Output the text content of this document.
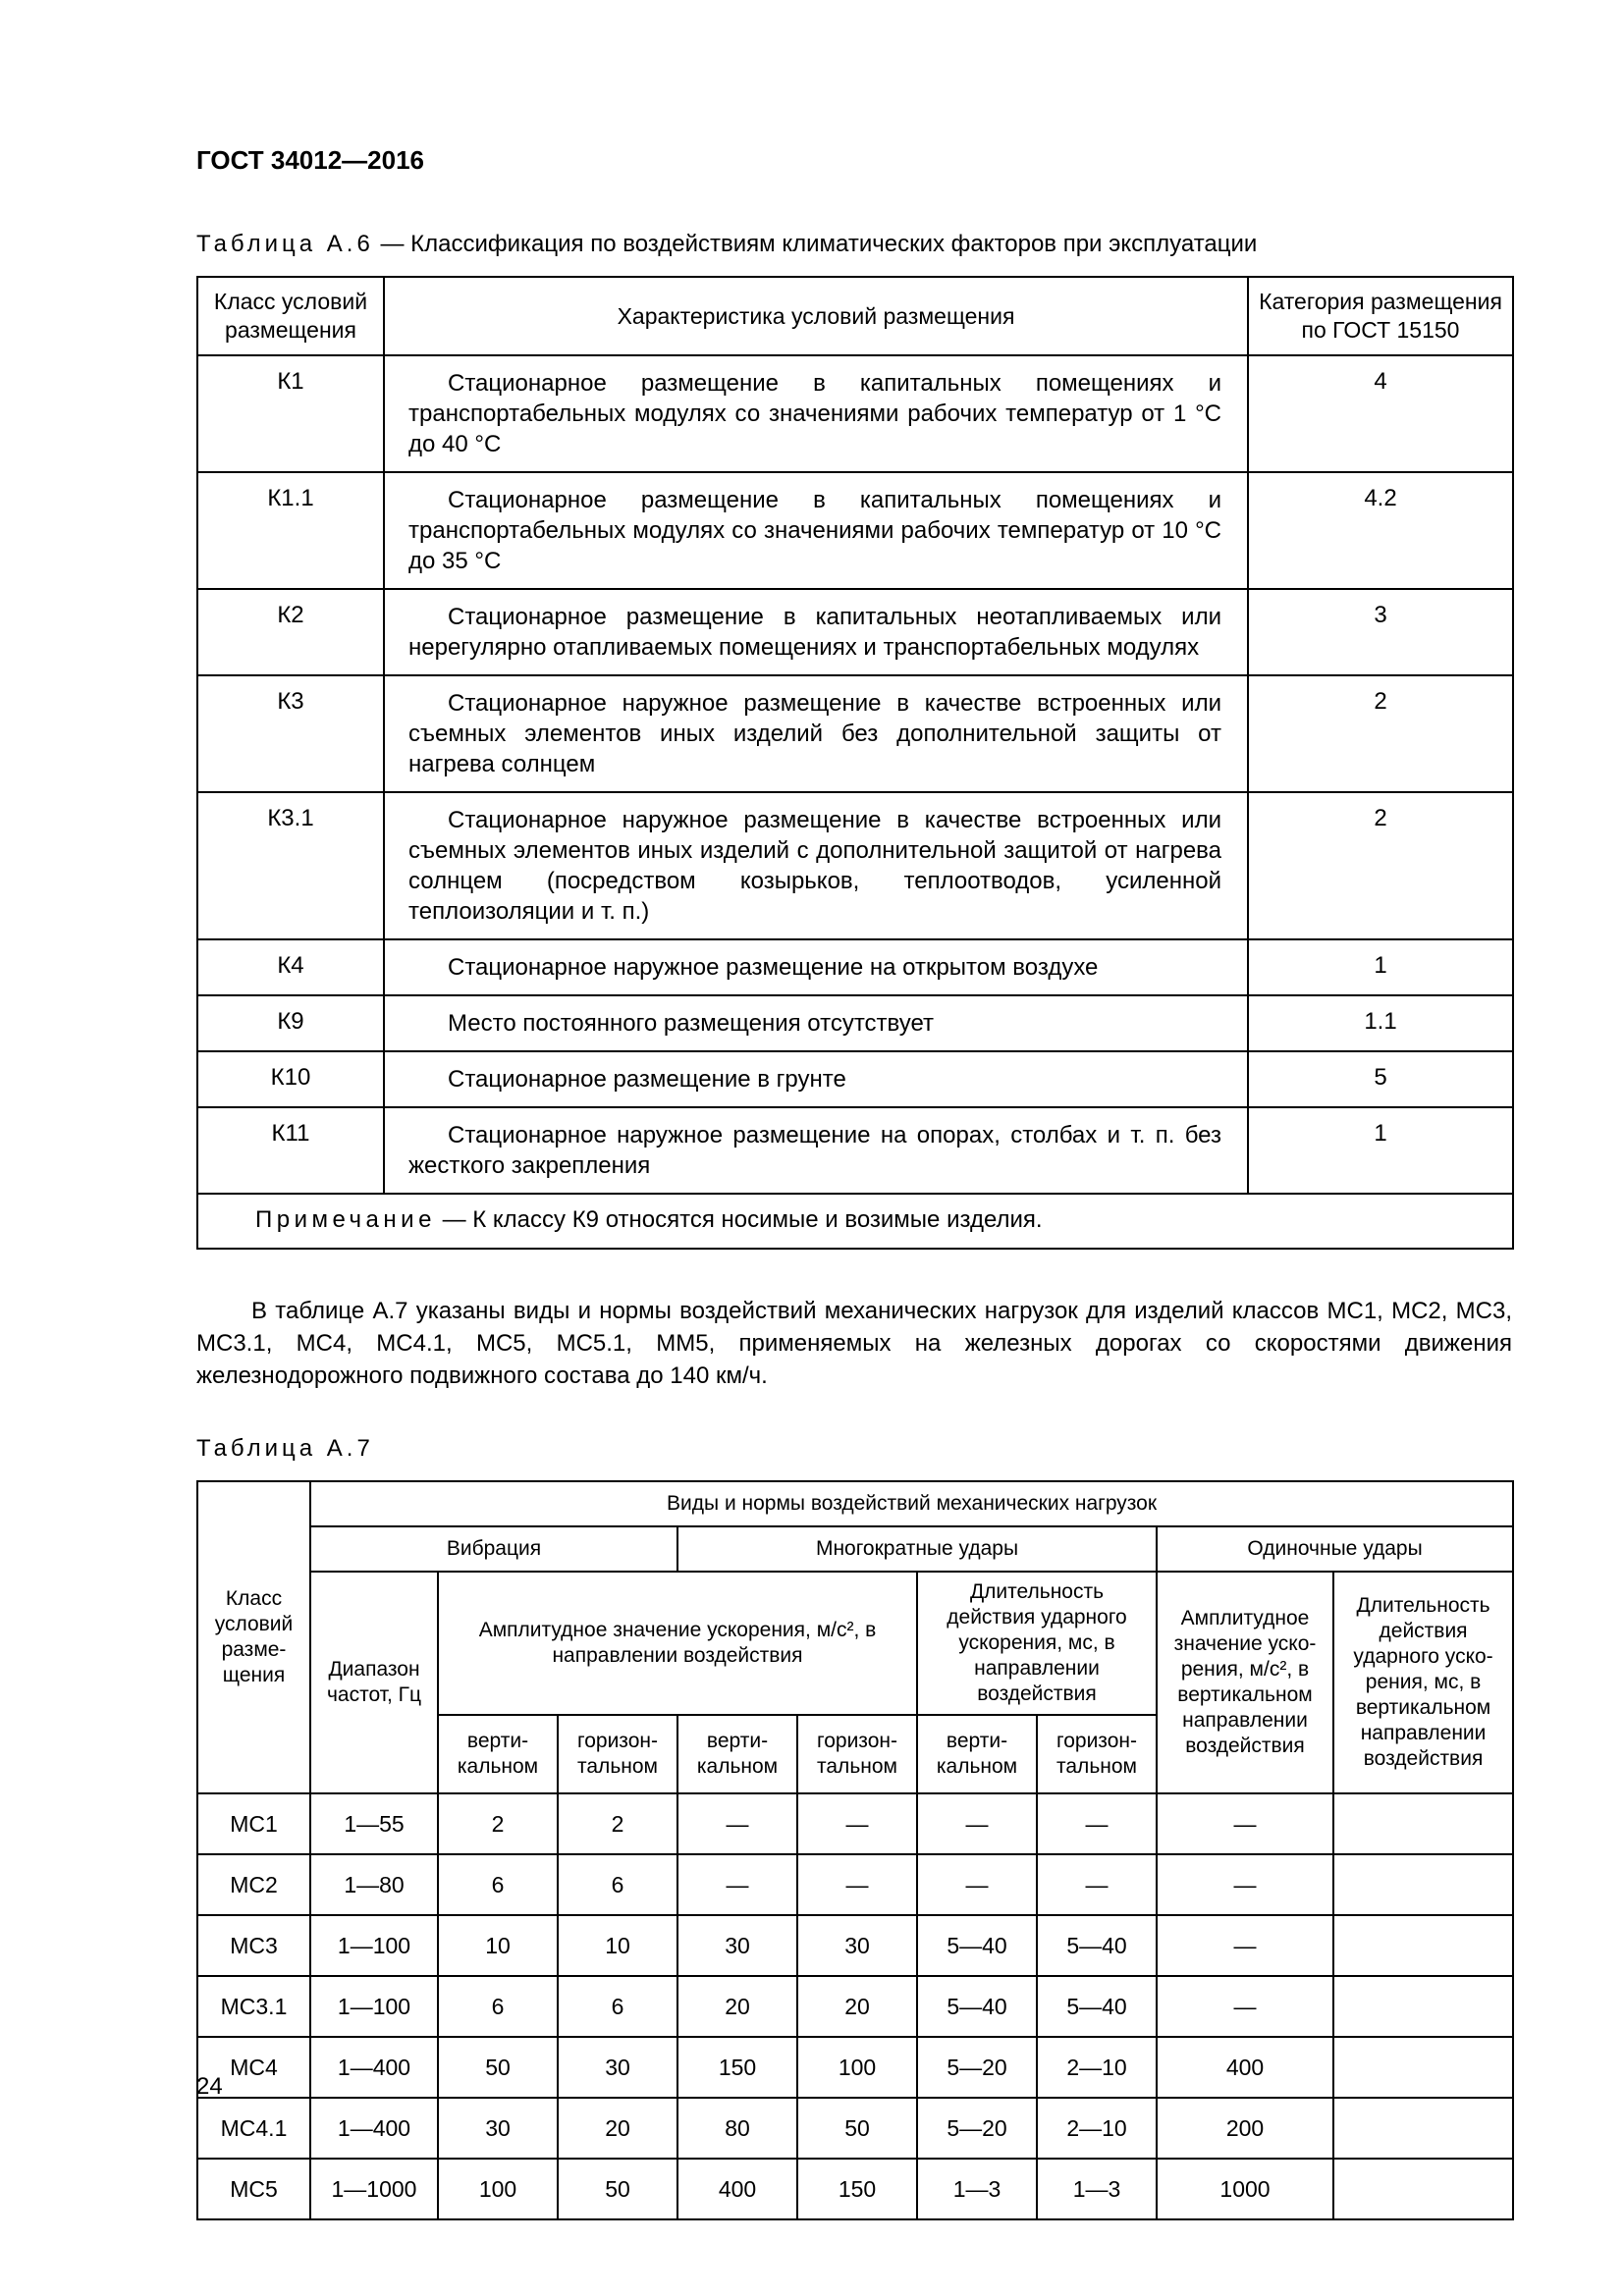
ГОСТ 34012—2016
Таблица А.6 — Классификация по воздействиям климатических факторов при эксплуатации
Класс условий размещения	Характеристика условий размещения	Категория размещения по ГОСТ 15150
К1	Стационарное размещение в капитальных помещениях и транспортабельных модулях со значениями рабочих температур от 1 °С до 40 °С	4
К1.1	Стационарное размещение в капитальных помещениях и транспортабельных модулях со значениями рабочих температур от 10 °С до 35 °С	4.2
К2	Стационарное размещение в капитальных неотапливаемых или нерегулярно отапливаемых помещениях и транспортабельных модулях	3
К3	Стационарное наружное размещение в качестве встроенных или съемных элементов иных изделий без дополнительной защиты от нагрева солнцем	2
К3.1	Стационарное наружное размещение в качестве встроенных или съемных элементов иных изделий с дополнительной защитой от нагрева солнцем (посредством козырьков, теплоотводов, усиленной теплоизоляции и т. п.)	2
К4	Стационарное наружное размещение на открытом воздухе	1
К9	Место постоянного размещения отсутствует	1.1
К10	Стационарное размещение в грунте	5
К11	Стационарное наружное размещение на опорах, столбах и т. п. без жесткого закрепления	1
Примечание — К классу К9 относятся носимые и возимые изделия.		
В таблице А.7 указаны виды и нормы воздействий механических нагрузок для изделий классов МС1, МС2, МС3, МС3.1, МС4, МС4.1, МС5, МС5.1, ММ5, применяемых на железных дорогах со скоростями движения железнодорожного подвижного состава до 140 км/ч.
Таблица А.7
Класс условий разме-щения	Виды и нормы воздействий механических нагрузок								
	Вибрация			Многократные удары				Одиночные удары	
	Диапазон частот, Гц	Амплитудное значение ускорения, м/с², в направлении воздействия				Длительность действия ударного ускорения, мс, в направлении воздействия		Амплитудное значение уско-рения, м/с², в вертикальном направлении воздействия	Длительность действия ударного уско-рения, мс, в вертикальном направлении воздействия
		верти-кальном	горизон-тальном	верти-кальном	горизон-тальном	верти-кальном	горизон-тальном		
МС1	1—55	2	2	—	—	—	—	—	
МС2	1—80	6	6	—	—	—	—	—	
МС3	1—100	10	10	30	30	5—40	5—40	—	
МС3.1	1—100	6	6	20	20	5—40	5—40	—	
МС4	1—400	50	30	150	100	5—20	2—10	400	
МС4.1	1—400	30	20	80	50	5—20	2—10	200	
МС5	1—1000	100	50	400	150	1—3	1—3	1000	
24
